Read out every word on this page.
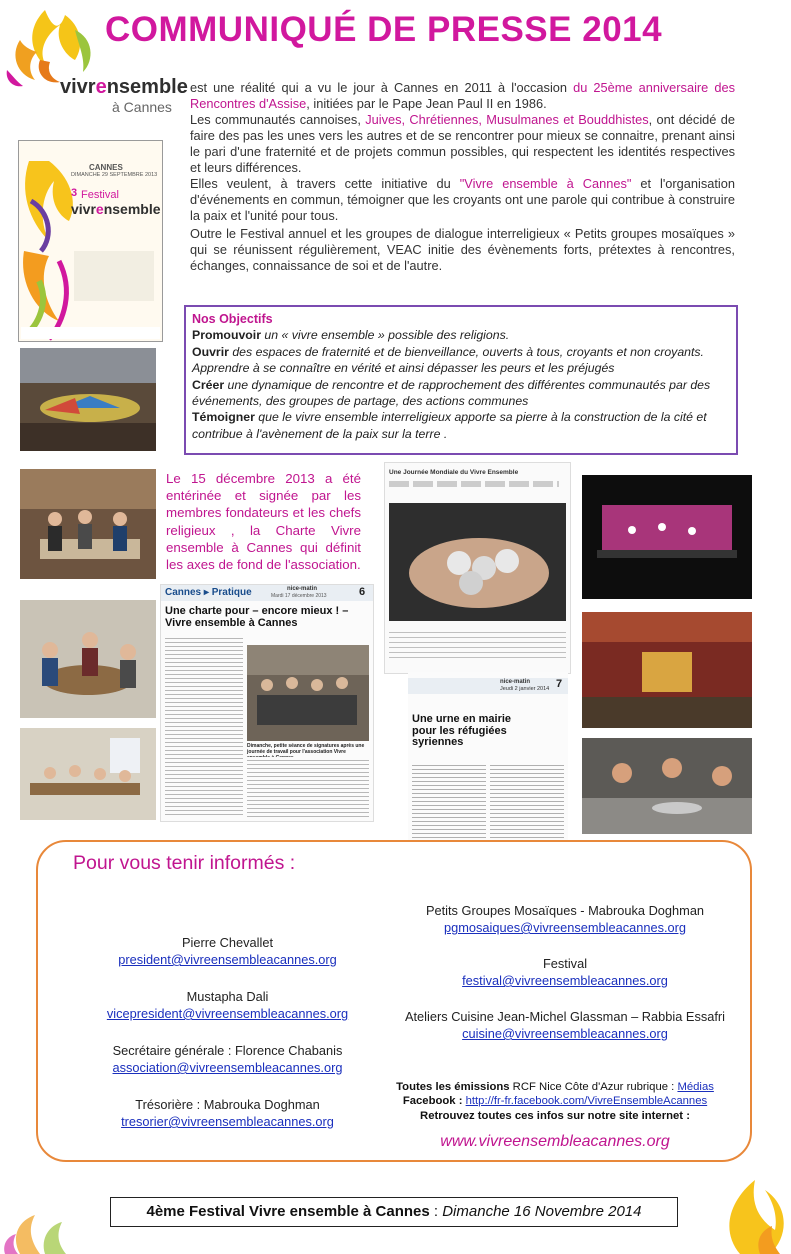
COMMUNIQUÉ DE PRESSE 2014
vivrensemble
à Cannes

est une réalité qui a vu le jour à Cannes en 2011 à l'occasion du 25ème anniversaire des Rencontres d'Assise, initiées par le Pape Jean Paul II en 1986.

Les communautés cannoises, Juives, Chrétiennes, Musulmanes et Bouddhistes, ont décidé de faire des pas les unes vers les autres et de se rencontrer pour mieux se connaitre, prenant ainsi le pari d'une fraternité et de projets commun possibles, qui respectent les identités respectives et leurs différences.

Elles veulent, à travers cette initiative du "Vivre ensemble à Cannes" et l'organisation d'événements en commun, témoigner que les croyants ont une parole qui contribue à construire la paix et l'unité pour tous.

Outre le Festival annuel et les groupes de dialogue interreligieux « Petits groupes mosaïques » qui se réunissent régulièrement, VEAC initie des évènements forts, prétextes à rencontres, échanges, connaissance de soi et de l'autre.

CANNES
DIMANCHE 29 SEPTEMBRE 2013
3 Festival
vivrensemble
Nos Objectifs
Promouvoir un « vivre ensemble » possible des religions.
Ouvrir des espaces de fraternité et de bienveillance, ouverts à tous, croyants et non croyants. Apprendre à se connaître en vérité et ainsi dépasser les peurs et les préjugés
Créer une dynamique de rencontre et de rapprochement des différentes communautés par des événements, des groupes de partage, des actions communes
Témoigner que le vivre ensemble interreligieux apporte sa pierre à la construction de la cité et contribue à l'avènement de la paix sur la terre .
Le 15 décembre 2013 a été entérinée et signée par les membres fondateurs et les chefs religieux , la Charte Vivre ensemble à Cannes qui définit les axes de fond de l'association.
Cannes ▸ Pratique	nice-matin
Mardi 17 décembre 2013	6
Une charte pour – encore mieux ! – Vivre ensemble à Cannes
Dimanche, petite séance de signatures après une journée de travail pour l'association Vivre
Une Journée Mondiale du Vivre Ensemble
nice-matin
Jeudi 2 janvier 2014 7
Une urne en mairie pour les réfugiées syriennes
Pour vous tenir informés :
Pierre Chevallet
president@vivreensembleacannes.org
Mustapha Dali
vicepresident@vivreensembleacannes.org
Secrétaire générale : Florence Chabanis
association@vivreensembleacannes.org
Trésorière : Mabrouka Doghman
tresorier@vivreensembleacannes.org
Petits Groupes Mosaïques - Mabrouka Doghman
pgmosaiques@vivreensembleacannes.org
Festival
festival@vivreensembleacannes.org
Ateliers Cuisine Jean-Michel Glassman – Rabbia Essafri
cuisine@vivreensembleacannes.org
Toutes les émissions RCF Nice Côte d'Azur rubrique : Médias
Facebook : http://fr-fr.facebook.com/VivreEnsembleAcannes
Retrouvez toutes ces infos sur notre site internet :
www.vivreensembleacannes.org
4ème Festival Vivre ensemble à Cannes : Dimanche 16 Novembre 2014
